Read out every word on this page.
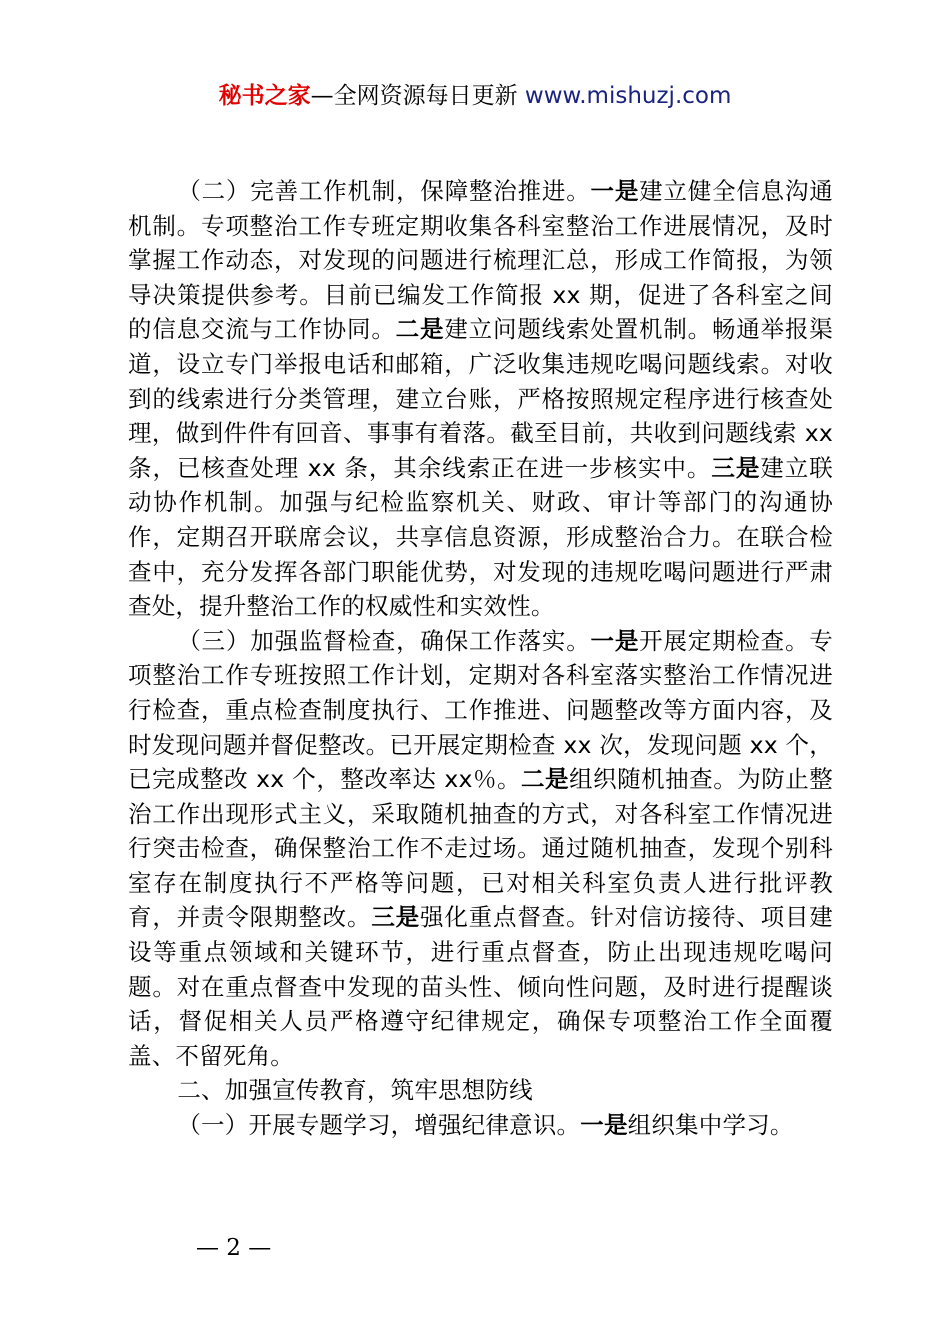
秘书之家—全网资源每日更新 www.mishuzj.com

（二）完善工作机制，保障整治推进。一是建立健全信息沟通机制。专项整治工作专班定期收集各科室整治工作进展情况，及时掌握工作动态，对发现的问题进行梳理汇总，形成工作简报，为领导决策提供参考。目前已编发工作简报 xx 期，促进了各科室之间的信息交流与工作协同。二是建立问题线索处置机制。畅通举报渠道，设立专门举报电话和邮箱，广泛收集违规吃喝问题线索。对收到的线索进行分类管理，建立台账，严格按照规定程序进行核查处理，做到件件有回音、事事有着落。截至目前，共收到问题线索 xx 条，已核查处理 xx 条，其余线索正在进一步核实中。三是建立联动协作机制。加强与纪检监察机关、财政、审计等部门的沟通协作，定期召开联席会议，共享信息资源，形成整治合力。在联合检查中，充分发挥各部门职能优势，对发现的违规吃喝问题进行严肃查处，提升整治工作的权威性和实效性。

（三）加强监督检查，确保工作落实。一是开展定期检查。专项整治工作专班按照工作计划，定期对各科室落实整治工作情况进行检查，重点检查制度执行、工作推进、问题整改等方面内容，及时发现问题并督促整改。已开展定期检查 xx 次，发现问题 xx 个，已完成整改 xx 个，整改率达 xx％。二是组织随机抽查。为防止整治工作出现形式主义，采取随机抽查的方式，对各科室工作情况进行突击检查，确保整治工作不走过场。通过随机抽查，发现个别科室存在制度执行不严格等问题，已对相关科室负责人进行批评教育，并责令限期整改。三是强化重点督查。针对信访接待、项目建设等重点领域和关键环节，进行重点督查，防止出现违规吃喝问题。对在重点督查中发现的苗头性、倾向性问题，及时进行提醒谈话，督促相关人员严格遵守纪律规定，确保专项整治工作全面覆盖、不留死角。

二、加强宣传教育，筑牢思想防线

（一）开展专题学习，增强纪律意识。一是组织集中学习。

— 2 —
